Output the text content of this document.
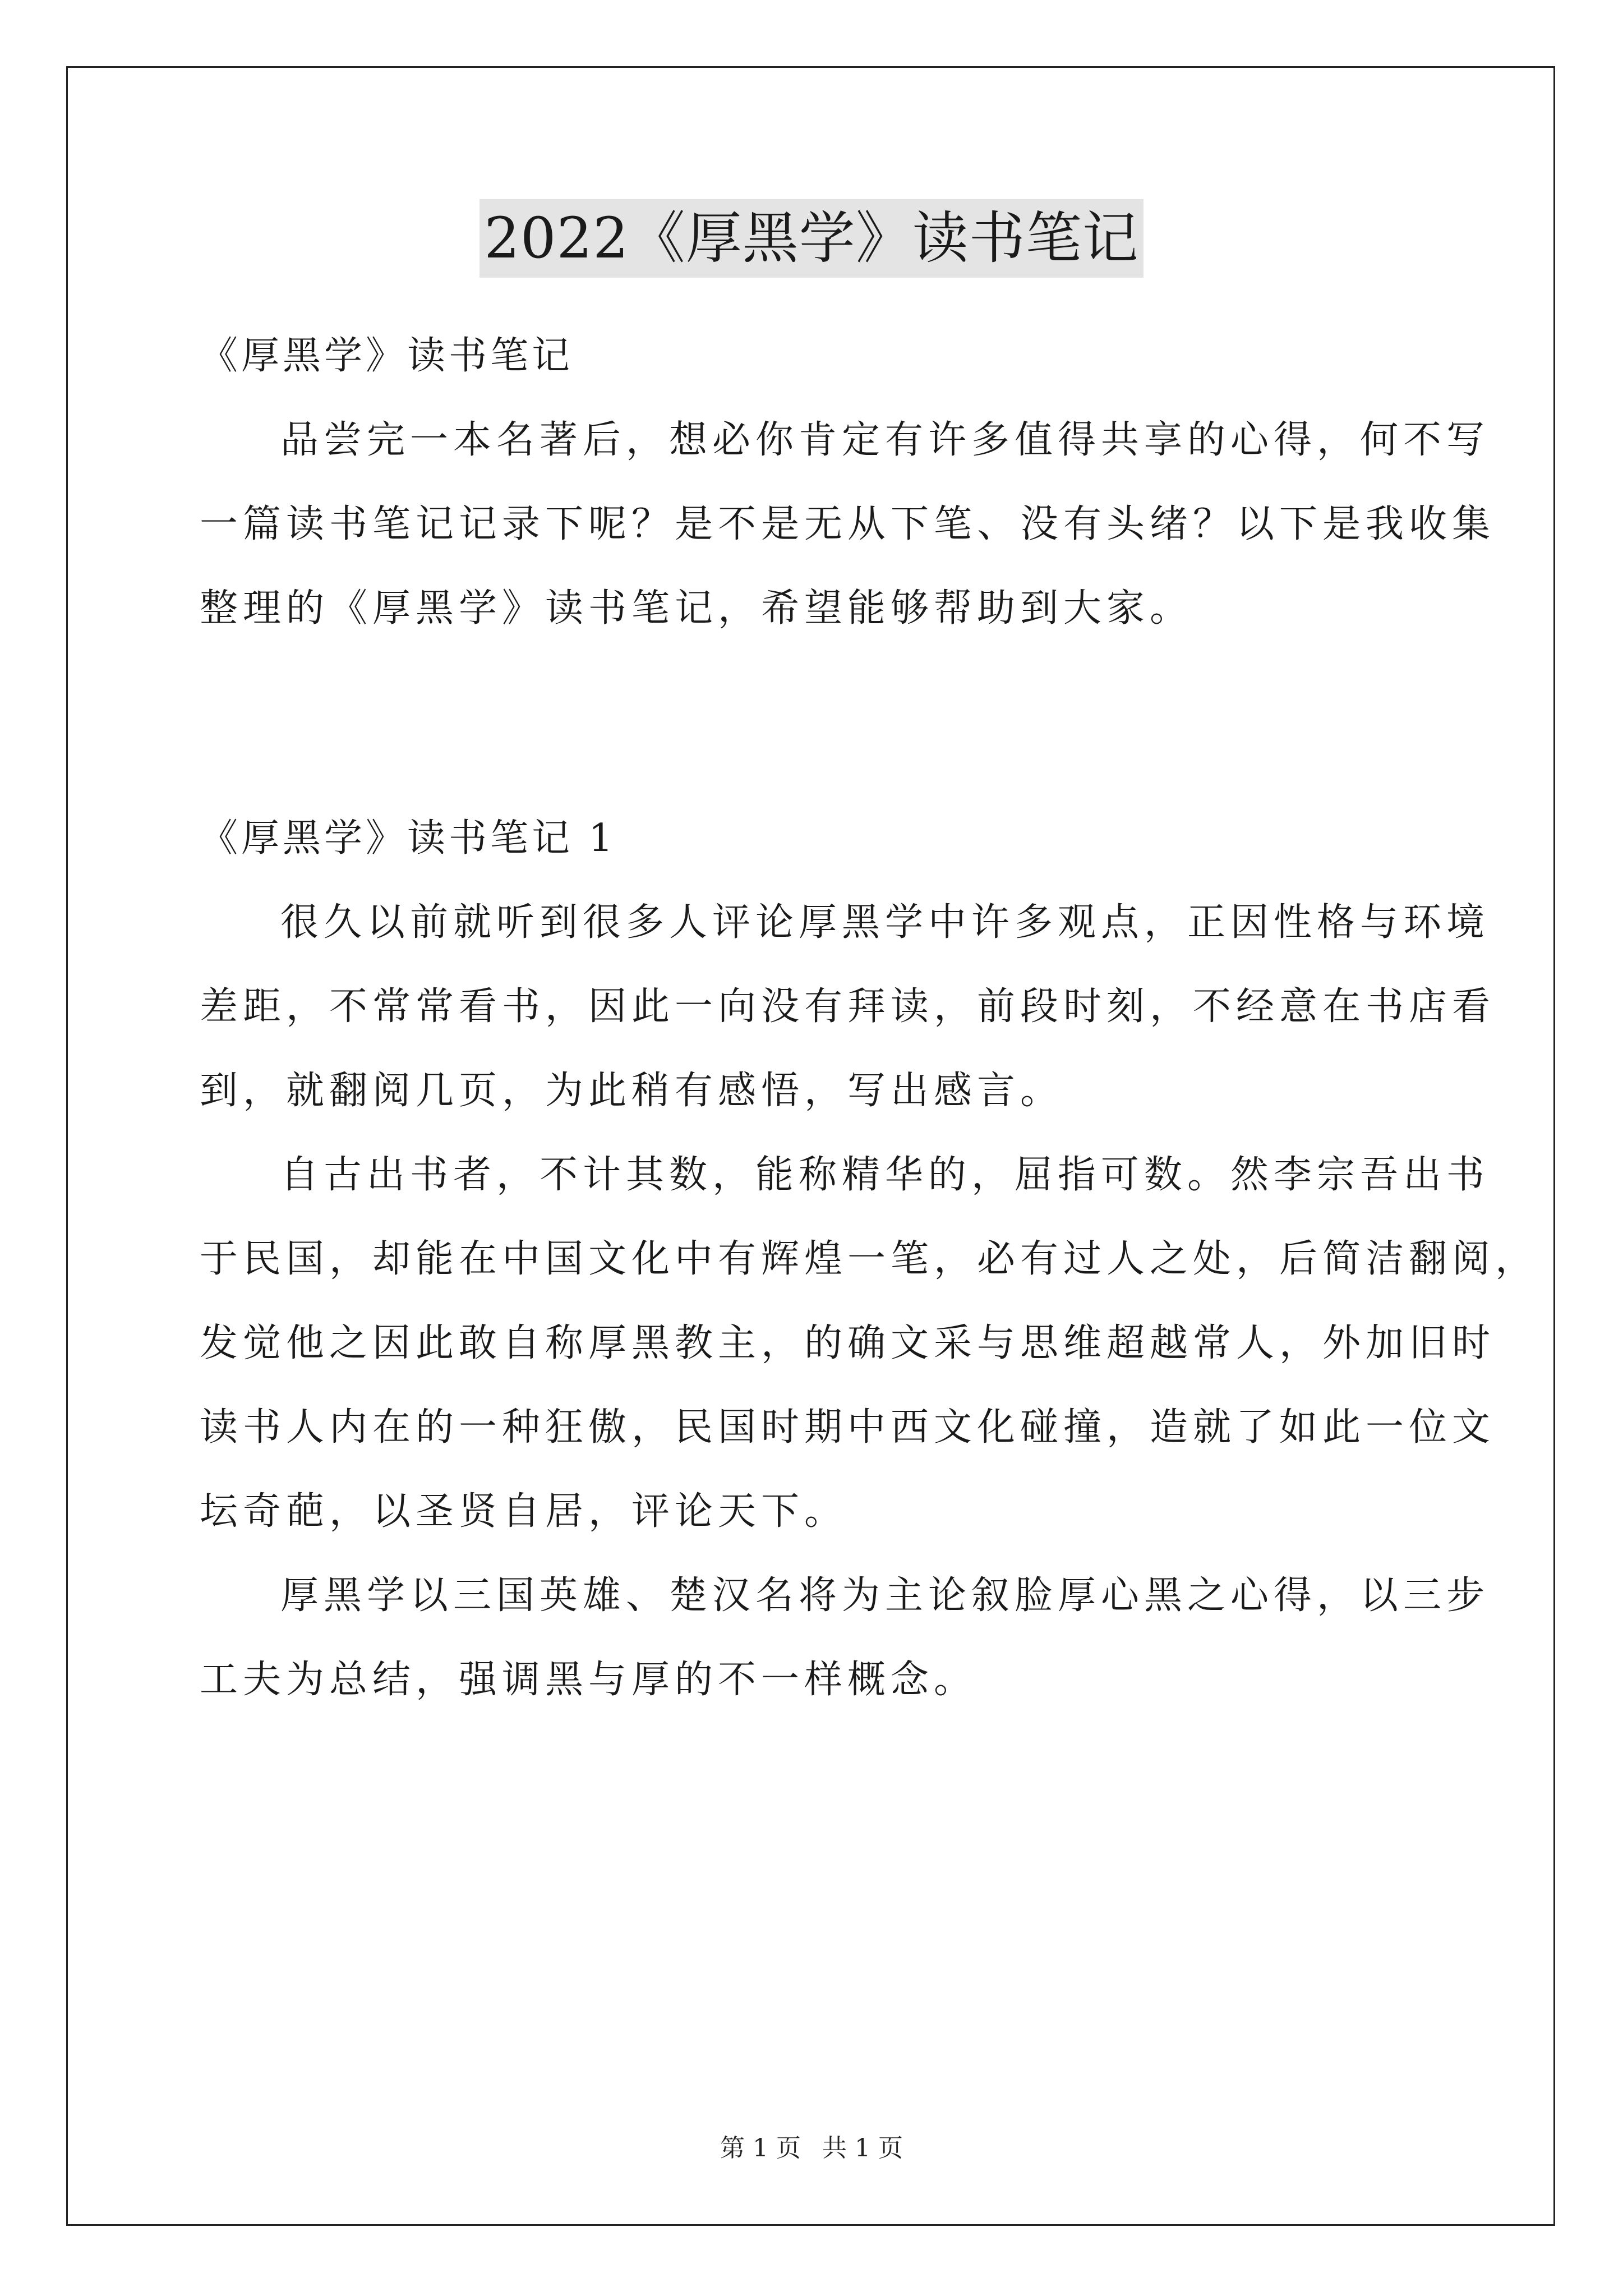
2022《厚黑学》读书笔记
《厚黑学》读书笔记
品尝完一本名著后，想必你肯定有许多值得共享的心得，何不写
一篇读书笔记记录下呢？是不是无从下笔、没有头绪？以下是我收集
整理的《厚黑学》读书笔记，希望能够帮助到大家。
《厚黑学》读书笔记 1
很久以前就听到很多人评论厚黑学中许多观点，正因性格与环境
差距，不常常看书，因此一向没有拜读，前段时刻，不经意在书店看
到，就翻阅几页，为此稍有感悟，写出感言。
自古出书者，不计其数，能称精华的，屈指可数。然李宗吾出书
于民国，却能在中国文化中有辉煌一笔，必有过人之处，后简洁翻阅，
发觉他之因此敢自称厚黑教主，的确文采与思维超越常人，外加旧时
读书人内在的一种狂傲，民国时期中西文化碰撞，造就了如此一位文
坛奇葩，以圣贤自居，评论天下。
厚黑学以三国英雄、楚汉名将为主论叙脸厚心黑之心得，以三步
工夫为总结，强调黑与厚的不一样概念。
第 1 页 共 1 页
